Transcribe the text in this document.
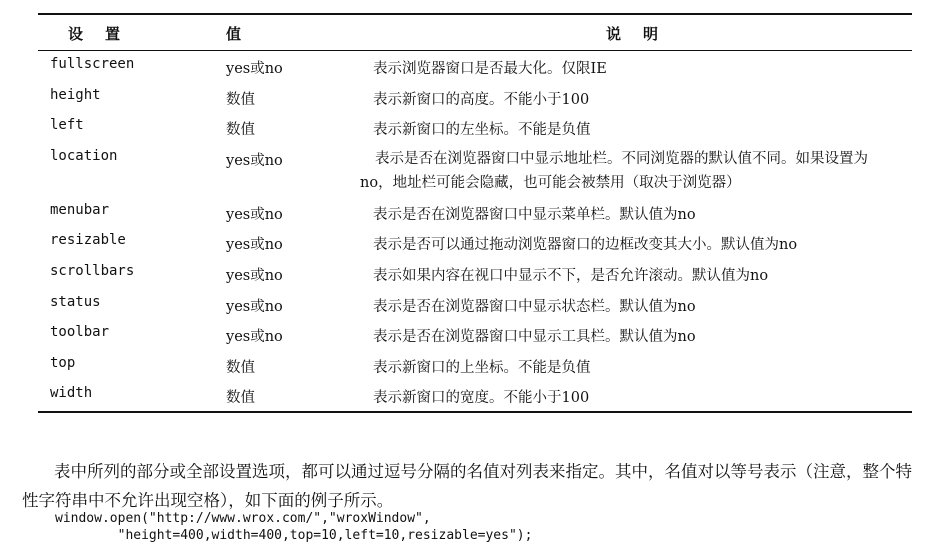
设置	值	说明
fullscreen	yes或no	表示浏览器窗口是否最大化。仅限IE
height	数值	表示新窗口的高度。不能小于100
left	数值	表示新窗口的左坐标。不能是负值
location	yes或no	表示是否在浏览器窗口中显示地址栏。不同浏览器的默认值不同。如果设置为no，地址栏可能会隐藏，也可能会被禁用（取决于浏览器）
menubar	yes或no	表示是否在浏览器窗口中显示菜单栏。默认值为no
resizable	yes或no	表示是否可以通过拖动浏览器窗口的边框改变其大小。默认值为no
scrollbars	yes或no	表示如果内容在视口中显示不下，是否允许滚动。默认值为no
status	yes或no	表示是否在浏览器窗口中显示状态栏。默认值为no
toolbar	yes或no	表示是否在浏览器窗口中显示工具栏。默认值为no
top	数值	表示新窗口的上坐标。不能是负值
width	数值	表示新窗口的宽度。不能小于100

表中所列的部分或全部设置选项，都可以通过逗号分隔的名值对列表来指定。其中，名值对以等号表示（注意，整个特性字符串中不允许出现空格），如下面的例子所示。

window.open("http://www.wrox.com/","wroxWindow",
"height=400,width=400,top=10,left=10,resizable=yes");
